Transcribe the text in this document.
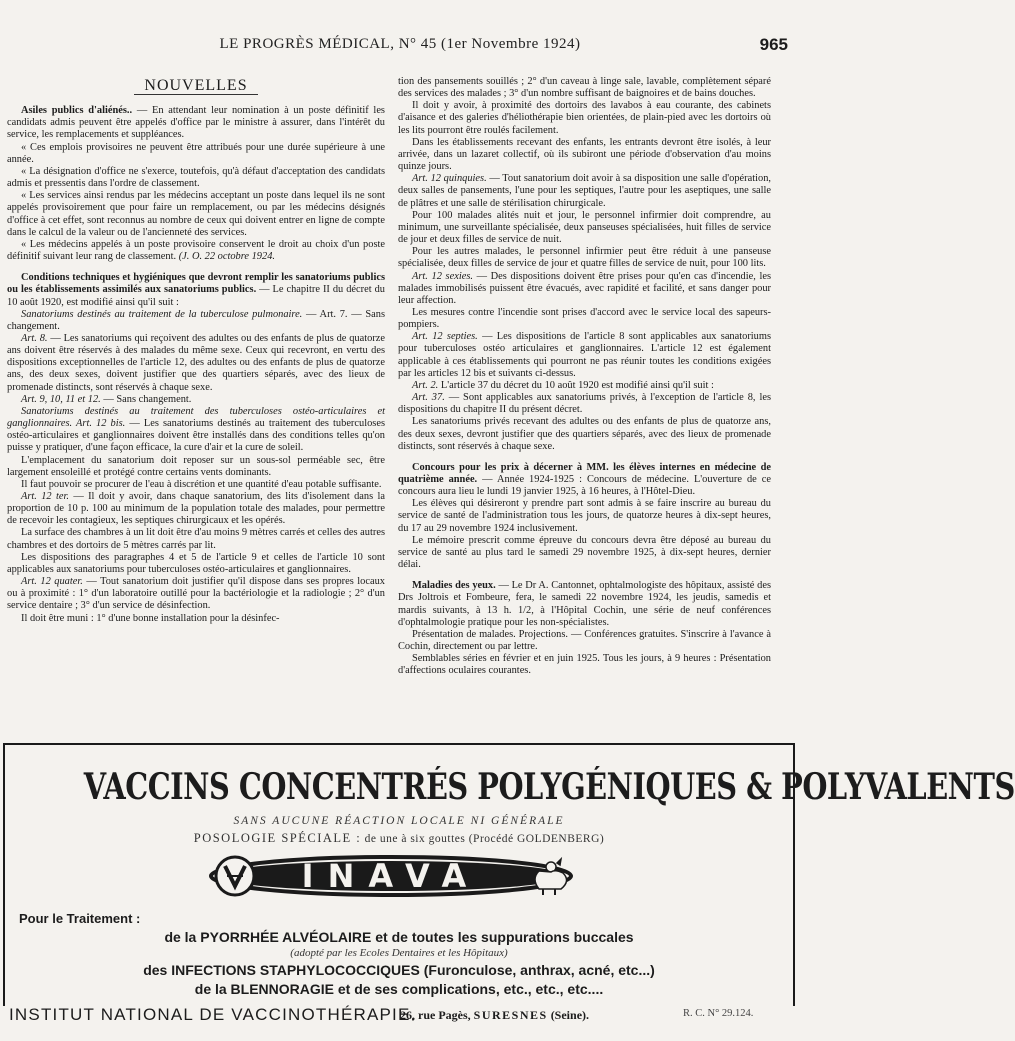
LE PROGRÈS MÉDICAL, N° 45 (1er Novembre 1924)	965
NOUVELLES

Asiles publics d'aliénés.. — En attendant leur nomination à un poste définitif les candidats admis peuvent être appelés d'office par le ministre à assurer, dans l'intérêt du service, les remplacements et suppléances.

« Ces emplois provisoires ne peuvent être attribués pour une durée supérieure à une année.

« La désignation d'office ne s'exerce, toutefois, qu'à défaut d'acceptation des candidats admis et pressentis dans l'ordre de classement.

« Les services ainsi rendus par les médecins acceptant un poste dans lequel ils ne sont appelés provisoirement que pour faire un remplacement, ou par les médecins désignés d'office à cet effet, sont reconnus au nombre de ceux qui doivent entrer en ligne de compte dans le calcul de la valeur ou de l'ancienneté des services.

« Les médecins appelés à un poste provisoire conservent le droit au choix d'un poste définitif suivant leur rang de classement. (J. O. 22 octobre 1924.

Conditions techniques et hygiéniques que devront remplir les sanatoriums publics ou les établissements assimilés aux sanatoriums publics. — Le chapitre II du décret du 10 août 1920, est modifié ainsi qu'il suit :

Sanatoriums destinés au traitement de la tuberculose pulmonaire. — Art. 7. — Sans changement.

Art. 8. — Les sanatoriums qui reçoivent des adultes ou des enfants de plus de quatorze ans doivent être réservés à des malades du même sexe. Ceux qui recevront, en vertu des dispositions exceptionnelles de l'article 12, des adultes ou des enfants de plus de quatorze ans, des deux sexes, doivent justifier que des quartiers séparés, avec des lieux de promenade distincts, sont réservés à chaque sexe.

Art. 9, 10, 11 et 12. — Sans changement.

Sanatoriums destinés au traitement des tuberculoses ostéo-articulaires et ganglionnaires. Art. 12 bis. — Les sanatoriums destinés au traitement des tuberculoses ostéo-articulaires et ganglionnaires doivent être installés dans des conditions telles qu'on puisse y pratiquer, d'une façon efficace, la cure d'air et la cure de soleil.

L'emplacement du sanatorium doit reposer sur un sous-sol perméable sec, être largement ensoleillé et protégé contre certains vents dominants.

Il faut pouvoir se procurer de l'eau à discrétion et une quantité d'eau potable suffisante.

Art. 12 ter. — Il doit y avoir, dans chaque sanatorium, des lits d'isolement dans la proportion de 10 p. 100 au minimum de la population totale des malades, pour permettre de recevoir les contagieux, les septiques chirurgicaux et les opérés.

La surface des chambres à un lit doit être d'au moins 9 mètres carrés et celles des autres chambres et des dortoirs de 5 mètres carrés par lit.

Les dispositions des paragraphes 4 et 5 de l'article 9 et celles de l'article 10 sont applicables aux sanatoriums pour tuberculoses ostéo-articulaires et ganglionnaires.

Art. 12 quater. — Tout sanatorium doit justifier qu'il dispose dans ses propres locaux ou à proximité : 1° d'un laboratoire outillé pour la bactériologie et la radiologie ; 2° d'un service dentaire ; 3° d'un service de désinfection.

Il doit être muni : 1° d'une bonne installation pour la désinfec-

tion des pansements souillés ; 2° d'un caveau à linge sale, lavable, complètement séparé des services des malades ; 3° d'un nombre suffisant de baignoires et de bains douches.

Il doit y avoir, à proximité des dortoirs des lavabos à eau courante, des cabinets d'aisance et des galeries d'héliothérapie bien orientées, de plain-pied avec les dortoirs où les lits pourront être roulés facilement.

Dans les établissements recevant des enfants, les entrants devront être isolés, à leur arrivée, dans un lazaret collectif, où ils subiront une période d'observation d'au moins quinze jours.

Art. 12 quinquies. — Tout sanatorium doit avoir à sa disposition une salle d'opération, deux salles de pansements, l'une pour les septiques, l'autre pour les aseptiques, une salle de plâtres et une salle de stérilisation chirurgicale.

Pour 100 malades alités nuit et jour, le personnel infirmier doit comprendre, au minimum, une surveillante spécialisée, deux panseuses spécialisées, huit filles de service de jour et deux filles de service de nuit.

Pour les autres malades, le personnel infirmier peut être réduit à une panseuse spécialisée, deux filles de service de jour et quatre filles de service de nuit, pour 100 lits.

Art. 12 sexies. — Des dispositions doivent être prises pour qu'en cas d'incendie, les malades immobilisés puissent être évacués, avec rapidité et facilité, et sans danger pour leur affection.

Les mesures contre l'incendie sont prises d'accord avec le service local des sapeurs-pompiers.

Art. 12 septies. — Les dispositions de l'article 8 sont applicables aux sanatoriums pour tuberculoses ostéo articulaires et ganglionnaires. L'article 12 est également applicable à ces établissements qui pourront ne pas réunir toutes les conditions exigées par les articles 12 bis et suivants ci-dessus.

Art. 2. L'article 37 du décret du 10 août 1920 est modifié ainsi qu'il suit :

Art. 37. — Sont applicables aux sanatoriums privés, à l'exception de l'article 8, les dispositions du chapitre II du présent décret.

Les sanatoriums privés recevant des adultes ou des enfants de plus de quatorze ans, des deux sexes, devront justifier que des quartiers séparés, avec des lieux de promenade distincts, sont réservés à chaque sexe.

Concours pour les prix à décerner à MM. les élèves internes en médecine de quatrième année. — Année 1924-1925 : Concours de médecine. L'ouverture de ce concours aura lieu le lundi 19 janvier 1925, à 16 heures, à l'Hôtel-Dieu.

Les élèves qui désireront y prendre part sont admis à se faire inscrire au bureau du service de santé de l'administration tous les jours, de quatorze heures à dix-sept heures, du 17 au 29 novembre 1924 inclusivement.

Le mémoire prescrit comme épreuve du concours devra être déposé au bureau du service de santé au plus tard le samedi 29 novembre 1925, à dix-sept heures, dernier délai.

Maladies des yeux. — Le Dr A. Cantonnet, ophtalmologiste des hôpitaux, assisté des Drs Joltrois et Fombeure, fera, le samedi 22 novembre 1924, les jeudis, samedis et mardis suivants, à 13 h. 1/2, à l'Hôpital Cochin, une série de neuf conférences d'ophtalmologie pratique pour les non-spécialistes.

Présentation de malades. Projections. — Conférences gratuites. S'inscrire à l'avance à Cochin, directement ou par lettre.

Semblables séries en février et en juin 1925. Tous les jours, à 9 heures : Présentation d'affections oculaires courantes.

VACCINS CONCENTRÉS POLYGÉNIQUES & POLYVALENTS
SANS AUCUNE RÉACTION LOCALE NI GÉNÉRALE
POSOLOGIE SPÉCIALE : de une à six gouttes (Procédé GOLDENBERG)
INAVA
Pour le Traitement :
de la PYORRHÉE ALVÉOLAIRE et de toutes les suppurations buccales
(adopté par les Ecoles Dentaires et les Hôpitaux)
des INFECTIONS STAPHYLOCOCCIQUES (Furonculose, anthrax, acné, etc...)
de la BLENNORAGIE et de ses complications, etc., etc., etc....
INSTITUT NATIONAL DE VACCINOTHÉRAPIE.
26, rue Pagès, SURESNES (Seine).	R. C. N° 29.124.
